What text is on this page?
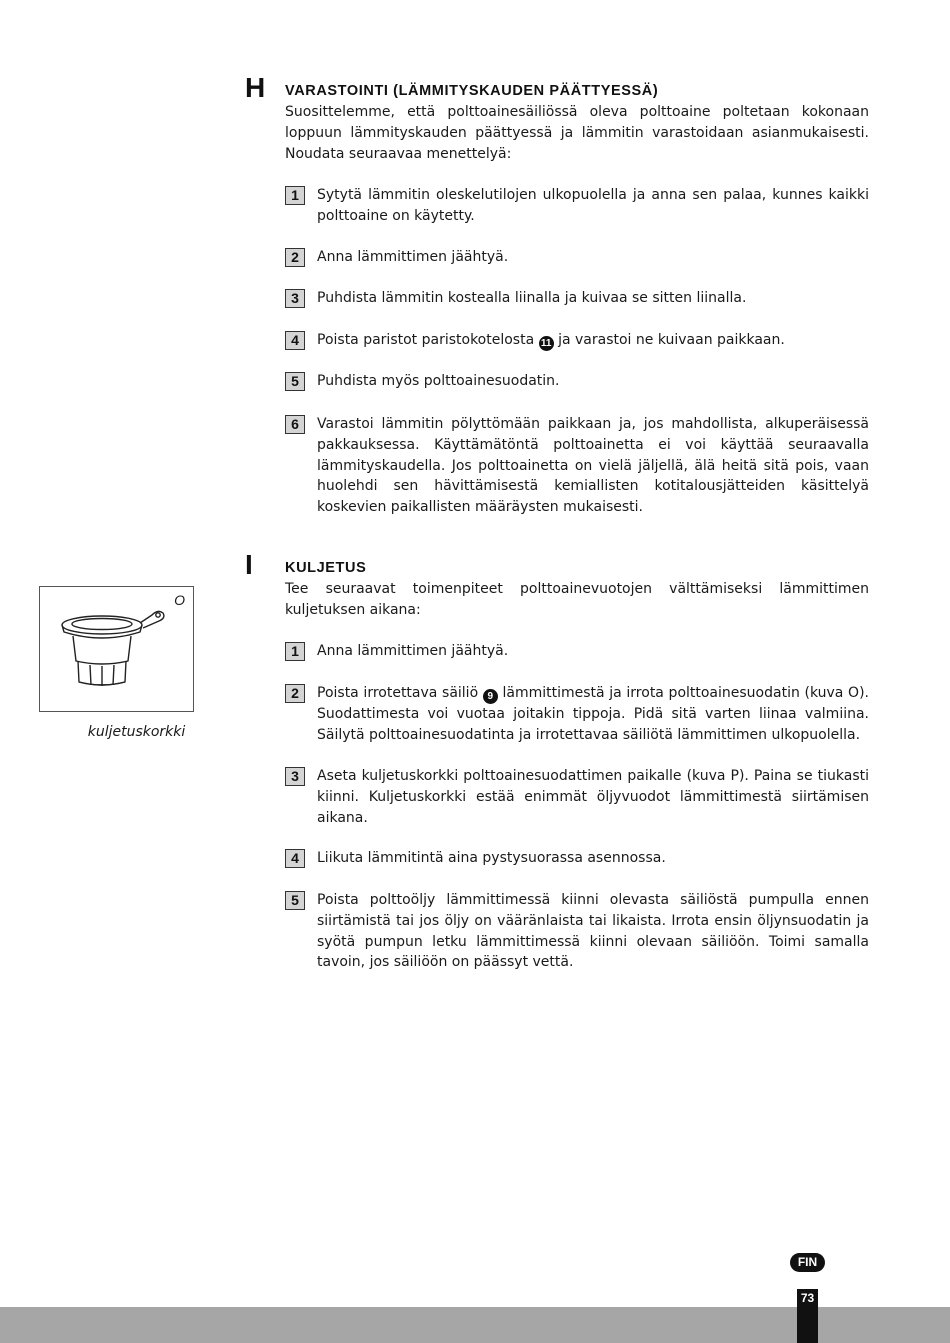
H VARASTOINTI (LÄMMITYSKAUDEN PÄÄTTYESSÄ)

Suosittelemme, että polttoainesäiliössä oleva polttoaine poltetaan kokonaan loppuun lämmityskauden päättyessä ja lämmitin varastoidaan asianmukaisesti. Noudata seuraavaa menettelyä:

1	Sytytä lämmitin oleskelutilojen ulkopuolella ja anna sen palaa, kunnes kaikki polttoaine on käytetty.

2	Anna lämmittimen jäähtyä.

3	Puhdista lämmitin kostealla liinalla ja kuivaa se sitten liinalla.

4	Poista paristot paristokotelosta 11 ja varastoi ne kuivaan paikkaan.

5	Puhdista myös polttoainesuodatin.

6	Varastoi lämmitin pölyttömään paikkaan ja, jos mahdollista, alkuperäisessä pakkauksessa. Käyttämätöntä polttoainetta ei voi käyttää seuraavalla lämmityskaudella. Jos polttoainetta on vielä jäljellä, älä heitä sitä pois, vaan huolehdi sen hävittämisestä kemiallisten kotitalousjätteiden käsittelyä koskevien paikallisten määräysten mukaisesti.

I KULJETUS

Tee seuraavat toimenpiteet polttoainevuotojen välttämiseksi lämmittimen kuljetuksen aikana:

1	Anna lämmittimen jäähtyä.

2	Poista irrotettava säiliö 9 lämmittimestä ja irrota polttoainesuodatin (kuva O). Suodattimesta voi vuotaa joitakin tippoja. Pidä sitä varten liinaa valmiina. Säilytä polttoainesuodatinta ja irrotettavaa säiliötä lämmittimen ulkopuolella.

3	Aseta kuljetuskorkki polttoainesuodattimen paikalle (kuva P). Paina se tiukasti kiinni. Kuljetuskorkki estää enimmät öljyvuodot lämmittimestä siirtämisen aikana.

4	Liikuta lämmitintä aina pystysuorassa asennossa.

5	Poista polttoöljy lämmittimessä kiinni olevasta säiliöstä pumpulla ennen siirtämistä tai jos öljy on vääränlaista tai likaista. Irrota ensin öljynsuodatin ja syötä pumpun letku lämmittimessä kiinni olevaan säiliöön. Toimi samalla tavoin, jos säiliöön on päässyt vettä.

O
kuljetuskorkki
FIN
73
